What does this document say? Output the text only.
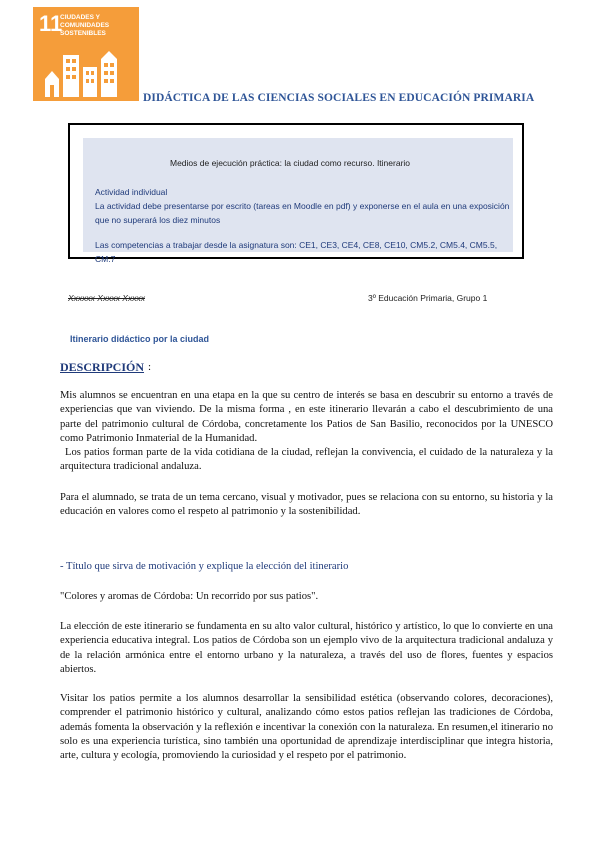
11
CIUDADES Y
COMUNIDADES
SOSTENIBLES
DIDÁCTICA DE LAS CIENCIAS SOCIALES EN EDUCACIÓN PRIMARIA
Medios de ejecución práctica: la ciudad como recurso. Itinerario
Actividad individual
La actividad debe presentarse por escrito (tareas en Moodle en pdf) y exponerse en el aula en una exposición que no superará los diez minutos
Las competencias a trabajar desde la asignatura son: CE1, CE3, CE4, CE8, CE10, CM5.2, CM5.4, CM5.5, CM.7
Xxxxxx Xxxxx Xxxxx	3º Educación Primaria, Grupo 1
Itinerario didáctico por la ciudad
DESCRIPCIÓN :
Mis alumnos se encuentran en una etapa en la que su centro de interés se basa en descubrir su entorno a través de experiencias que van viviendo. De la misma forma , en este itinerario llevarán a cabo el descubrimiento de una parte del patrimonio cultural de Córdoba, concretamente los Patios de San Basilio, reconocidos por la UNESCO como Patrimonio Inmaterial de la Humanidad.
Los patios forman parte de la vida cotidiana de la ciudad, reflejan la convivencia, el cuidado de la naturaleza y la arquitectura tradicional andaluza.
Para el alumnado, se trata de un tema cercano, visual y motivador, pues se relaciona con su entorno, su historia y la educación en valores como el respeto al patrimonio y la sostenibilidad.
- Título que sirva de motivación y explique la elección del itinerario
"Colores y aromas de Córdoba: Un recorrido por sus patios".
La elección de este itinerario se fundamenta en su alto valor cultural, histórico y artístico, lo que lo convierte en una experiencia educativa integral. Los patios de Córdoba son un ejemplo vivo de la arquitectura tradicional andaluza y de la relación armónica entre el entorno urbano y la naturaleza, a través del uso de flores, fuentes y espacios abiertos.
Visitar los patios permite a los alumnos desarrollar la sensibilidad estética (observando colores, decoraciones), comprender el patrimonio histórico y cultural, analizando cómo estos patios reflejan las tradiciones de Córdoba, además fomenta la observación y la reflexión e incentivar la conexión con la naturaleza. En resumen,el itinerario no solo es una experiencia turística, sino también una oportunidad de aprendizaje interdisciplinar que integra historia, arte, cultura y ecología, promoviendo la curiosidad y el respeto por el patrimonio.
